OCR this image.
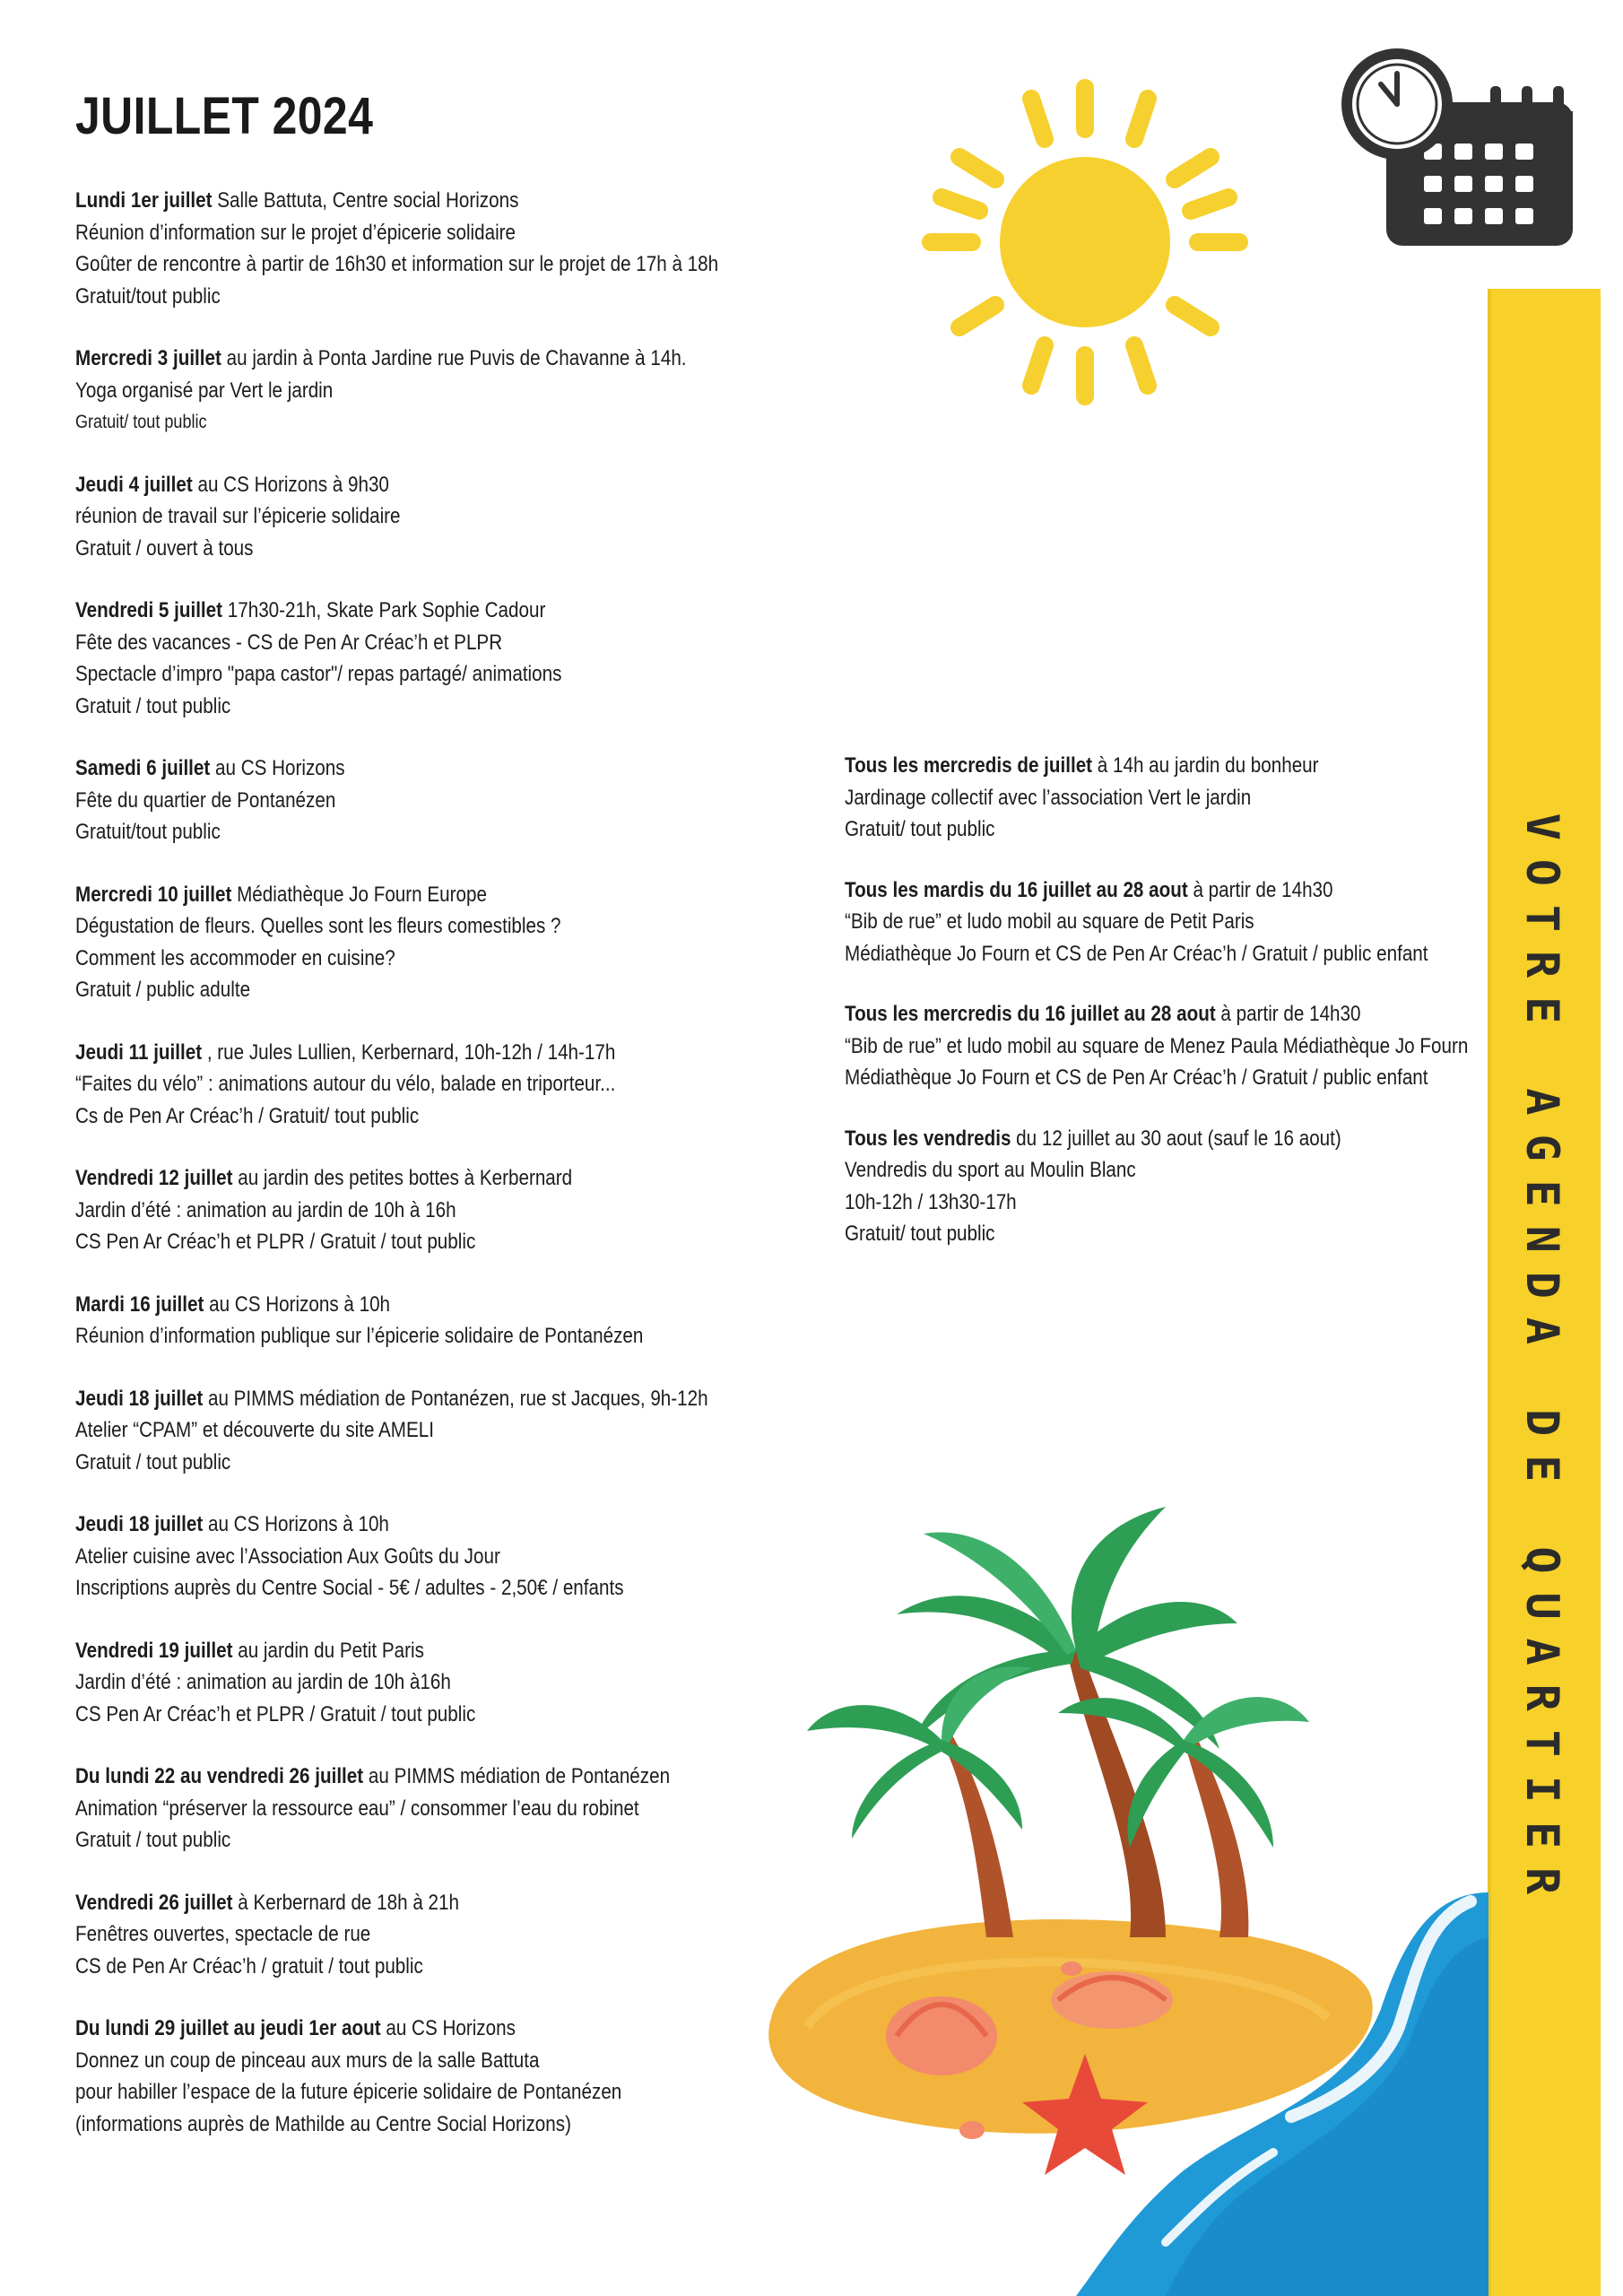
JUILLET 2024
Lundi 1er juillet Salle Battuta, Centre social Horizons
Réunion d’information sur le projet d’épicerie solidaire
Goûter de rencontre à partir de 16h30 et information sur le projet de 17h à 18h
Gratuit/tout public
Mercredi 3 juillet au jardin à Ponta Jardine rue Puvis de Chavanne à 14h.
Yoga organisé par Vert le jardin
Gratuit/ tout public
Jeudi 4 juillet au CS Horizons à 9h30
réunion de travail sur l’épicerie solidaire
Gratuit / ouvert à tous
Vendredi 5 juillet 17h30-21h, Skate Park Sophie Cadour
Fête des vacances - CS de Pen Ar Créac’h et PLPR
Spectacle d’impro "papa castor"/ repas partagé/ animations
Gratuit / tout public
Samedi 6 juillet au CS Horizons
Fête du quartier de Pontanézen
Gratuit/tout public
Mercredi 10 juillet Médiathèque Jo Fourn Europe
Dégustation de fleurs. Quelles sont les fleurs comestibles ?
Comment les accommoder en cuisine?
Gratuit / public adulte
Jeudi 11 juillet , rue Jules Lullien, Kerbernard, 10h-12h / 14h-17h
“Faites du vélo” : animations autour du vélo, balade en triporteur...
Cs de Pen Ar Créac’h / Gratuit/ tout public
Vendredi 12 juillet au jardin des petites bottes à Kerbernard
Jardin d’été : animation au jardin de 10h à 16h
CS Pen Ar Créac’h et PLPR / Gratuit / tout public
Mardi 16 juillet au CS Horizons à 10h
Réunion d’information publique sur l’épicerie solidaire de Pontanézen
Jeudi 18 juillet au PIMMS médiation de Pontanézen, rue st Jacques, 9h-12h
Atelier “CPAM” et découverte du site AMELI
Gratuit / tout public
Jeudi 18 juillet au CS Horizons à 10h
Atelier cuisine avec l’Association Aux Goûts du Jour
Inscriptions auprès du Centre Social - 5€ / adultes - 2,50€ / enfants
Vendredi 19 juillet au jardin du Petit Paris
Jardin d’été : animation au jardin de 10h à16h
CS Pen Ar Créac’h et PLPR / Gratuit / tout public
Du lundi 22 au vendredi 26 juillet au PIMMS médiation de Pontanézen
Animation “préserver la ressource eau” / consommer l’eau du robinet
Gratuit / tout public
Vendredi 26 juillet à Kerbernard de 18h à 21h
Fenêtres ouvertes, spectacle de rue
CS de Pen Ar Créac’h / gratuit / tout public
Du lundi 29 juillet au jeudi 1er aout au CS Horizons
Donnez un coup de pinceau aux murs de la salle Battuta
pour habiller l’espace de la future épicerie solidaire de Pontanézen
(informations auprès de Mathilde au Centre Social Horizons)
Tous les mercredis de juillet à 14h au jardin du bonheur
Jardinage collectif avec l’association Vert le jardin
Gratuit/ tout public
Tous les mardis du 16 juillet au 28 aout à partir de 14h30
“Bib de rue” et ludo mobil au square de Petit Paris
Médiathèque Jo Fourn et CS de Pen Ar Créac’h / Gratuit / public enfant
Tous les mercredis du 16 juillet au 28 aout à partir de 14h30
“Bib de rue” et ludo mobil au square de Menez Paula Médiathèque Jo Fourn
Médiathèque Jo Fourn et CS de Pen Ar Créac’h / Gratuit / public enfant
Tous les vendredis du 12 juillet au 30 aout (sauf le 16 aout)
Vendredis du sport au Moulin Blanc
10h-12h / 13h30-17h
Gratuit/ tout public	VOTRE AGENDA DE QUARTIER
